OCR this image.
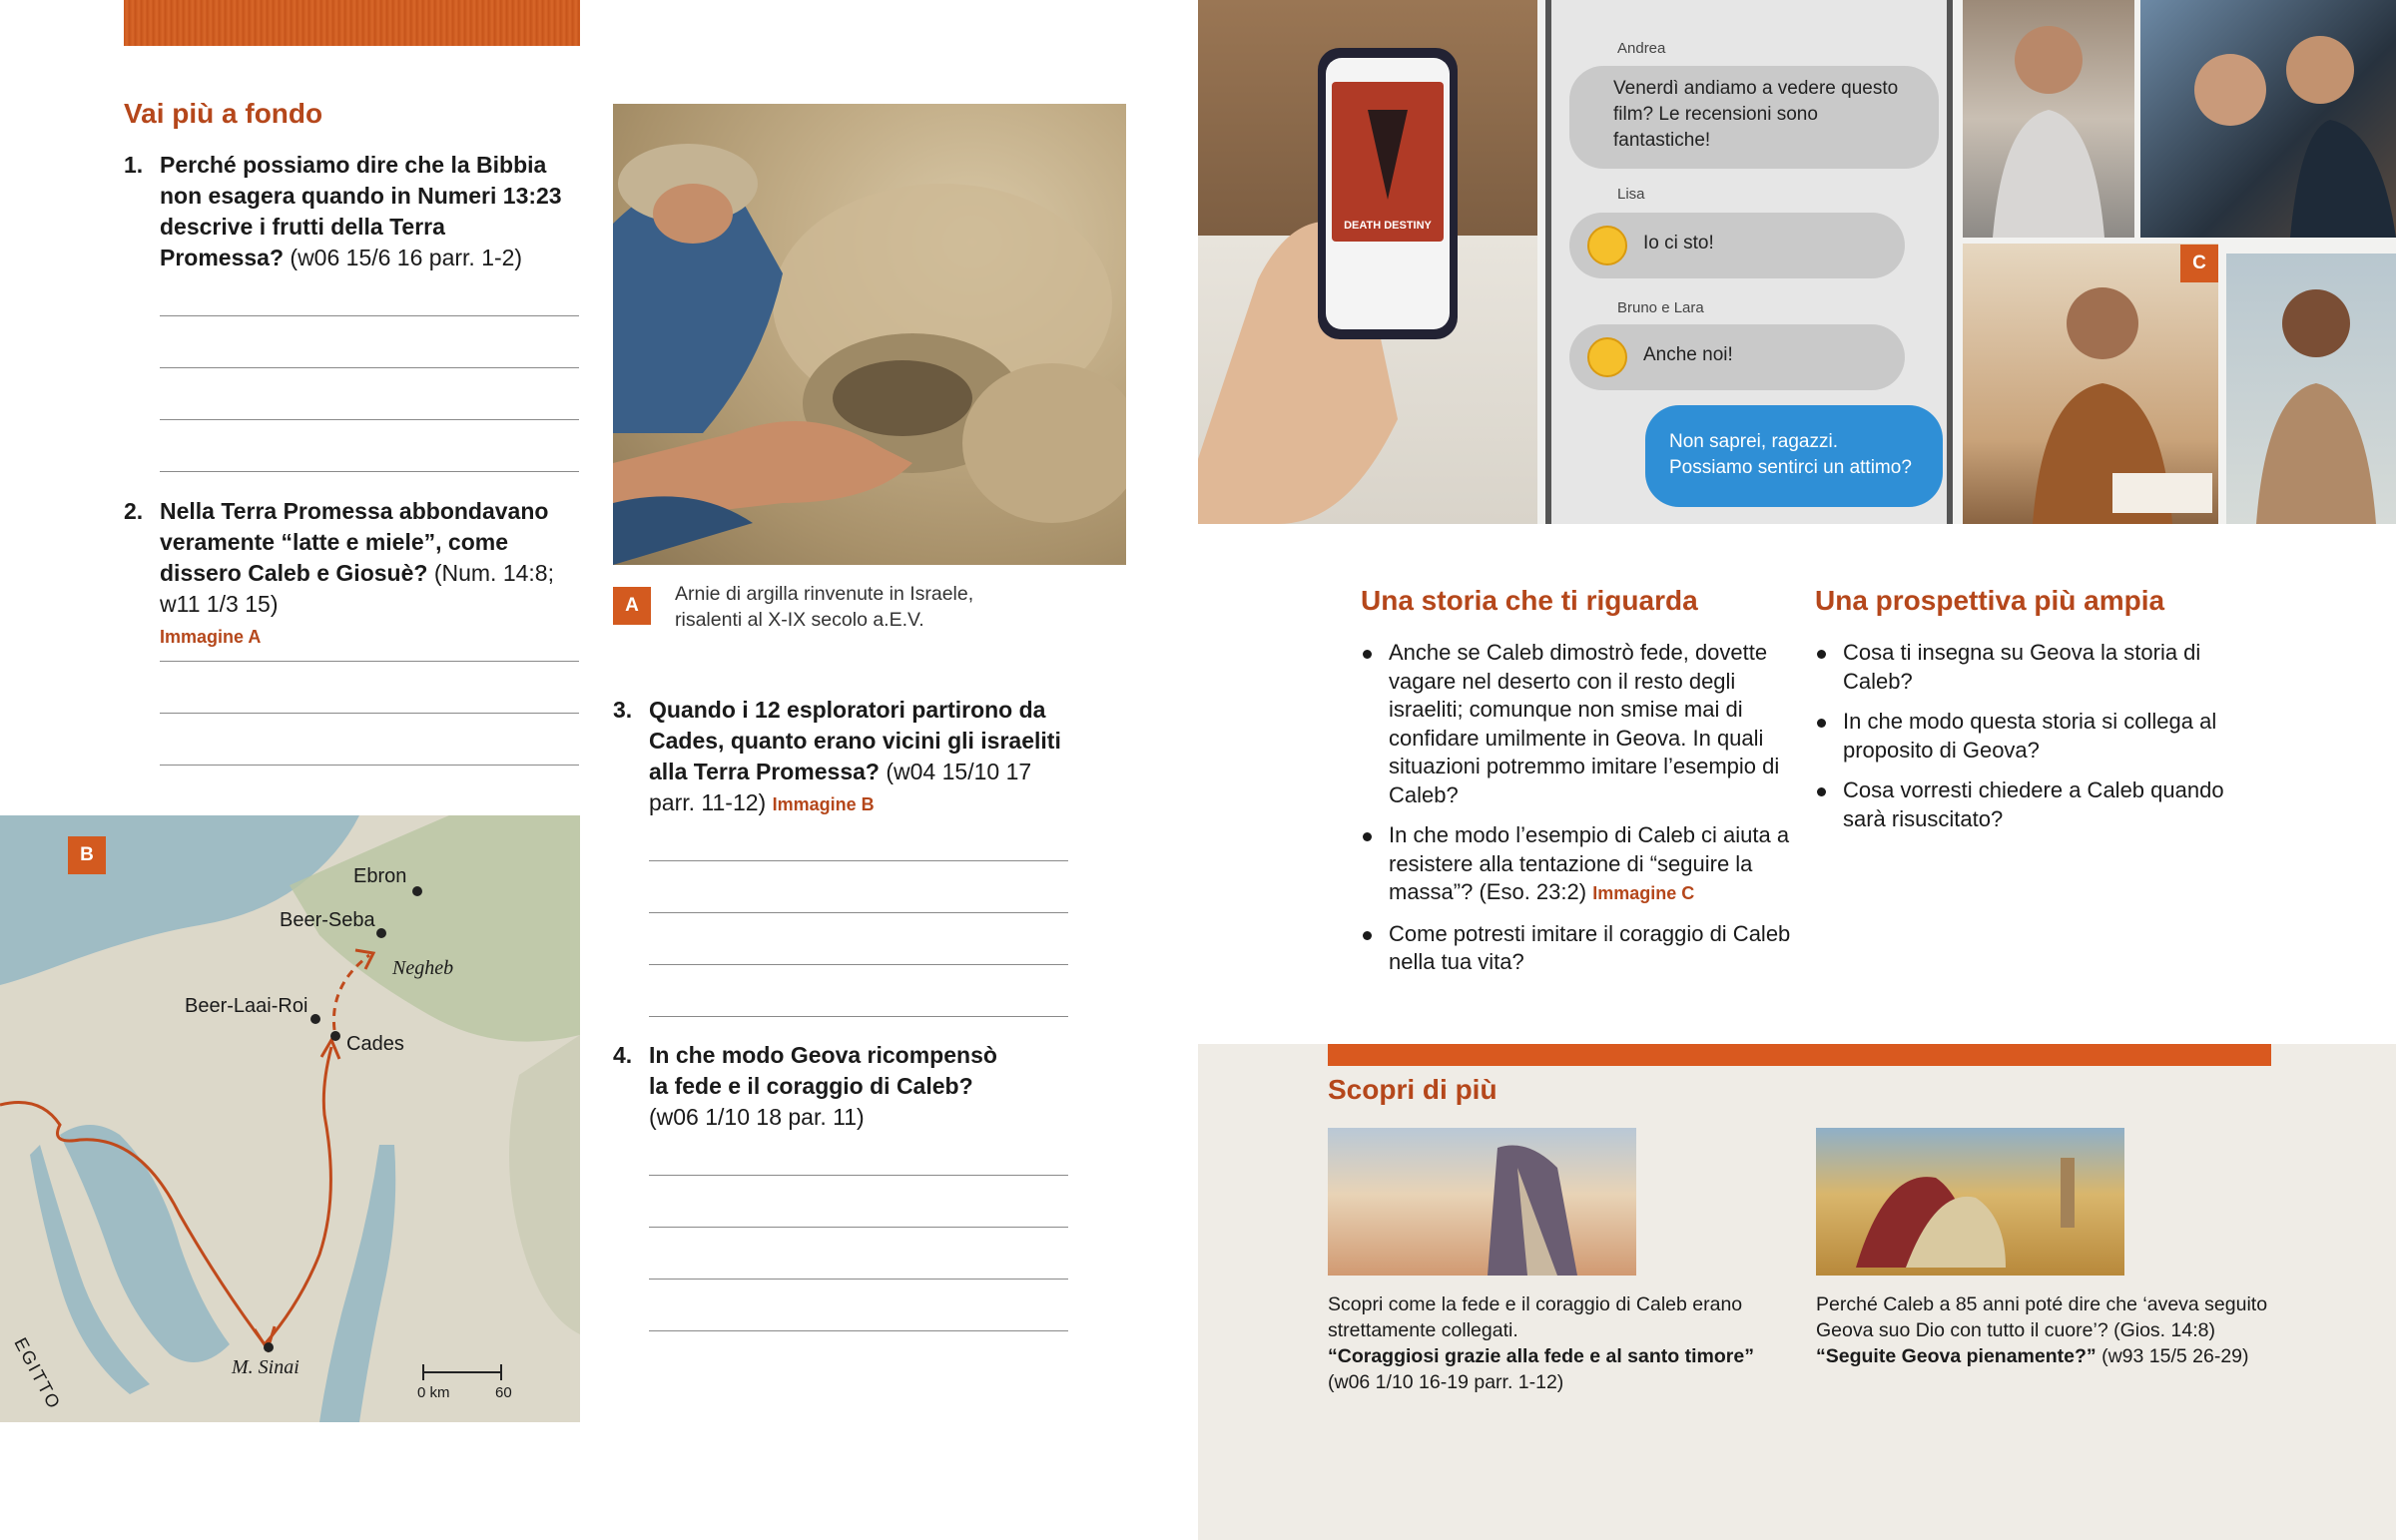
Vai più a fondo
1. Perché possiamo dire che la Bibbia non esagera quando in Numeri 13:23 descrive i frutti della Terra Promessa? (w06 15/6 16 parr. 1-2)
2. Nella Terra Promessa abbondavano veramente “latte e miele”, come dissero Caleb e Giosuè? (Num. 14:8; w11 1/3 15)
Immagine A
A
Arnie di argilla rinvenute in Israele, risalenti al X-IX secolo a.E.V.
3. Quando i 12 esploratori partirono da Cades, quanto erano vicini gli israeliti alla Terra Promessa? (w04 15/10 17 parr. 11-12) Immagine B
4. In che modo Geova ricompensò la fede e il coraggio di Caleb? (w06 1/10 18 par. 11)
B
Ebron
Beer-Seba
Negheb
Beer-Laai-Roi
Cades
EGITTO	M. Sinai
0 km	60
DEATH DESTINY
Andrea
Venerdì andiamo a vedere questo film? Le recensioni sono fantastiche!
Lisa
Io ci sto!
Bruno e Lara
Anche noi!
Non saprei, ragazzi. Possiamo sentirci un attimo?
C
Una storia che ti riguarda
Anche se Caleb dimostrò fede, dovette vagare nel deserto con il resto degli israeliti; comunque non smise mai di confidare umilmente in Geova. In quali situazioni potremmo imitare l’esempio di Caleb?
In che modo l’esempio di Caleb ci aiuta a resistere alla tentazione di “seguire la massa”? (Eso. 23:2) Immagine C
Come potresti imitare il coraggio di Caleb nella tua vita?
Una prospettiva più ampia
Cosa ti insegna su Geova la storia di Caleb?
In che modo questa storia si collega al proposito di Geova?
Cosa vorresti chiedere a Caleb quando sarà risuscitato?
Scopri di più
Scopri come la fede e il coraggio di Caleb erano strettamente collegati.
“Coraggiosi grazie alla fede e al santo timore”
(w06 1/10 16-19 parr. 1-12)
Perché Caleb a 85 anni poté dire che ‘aveva seguito Geova suo Dio con tutto il cuore’? (Gios. 14:8)
“Seguite Geova pienamente?” (w93 15/5 26-29)
